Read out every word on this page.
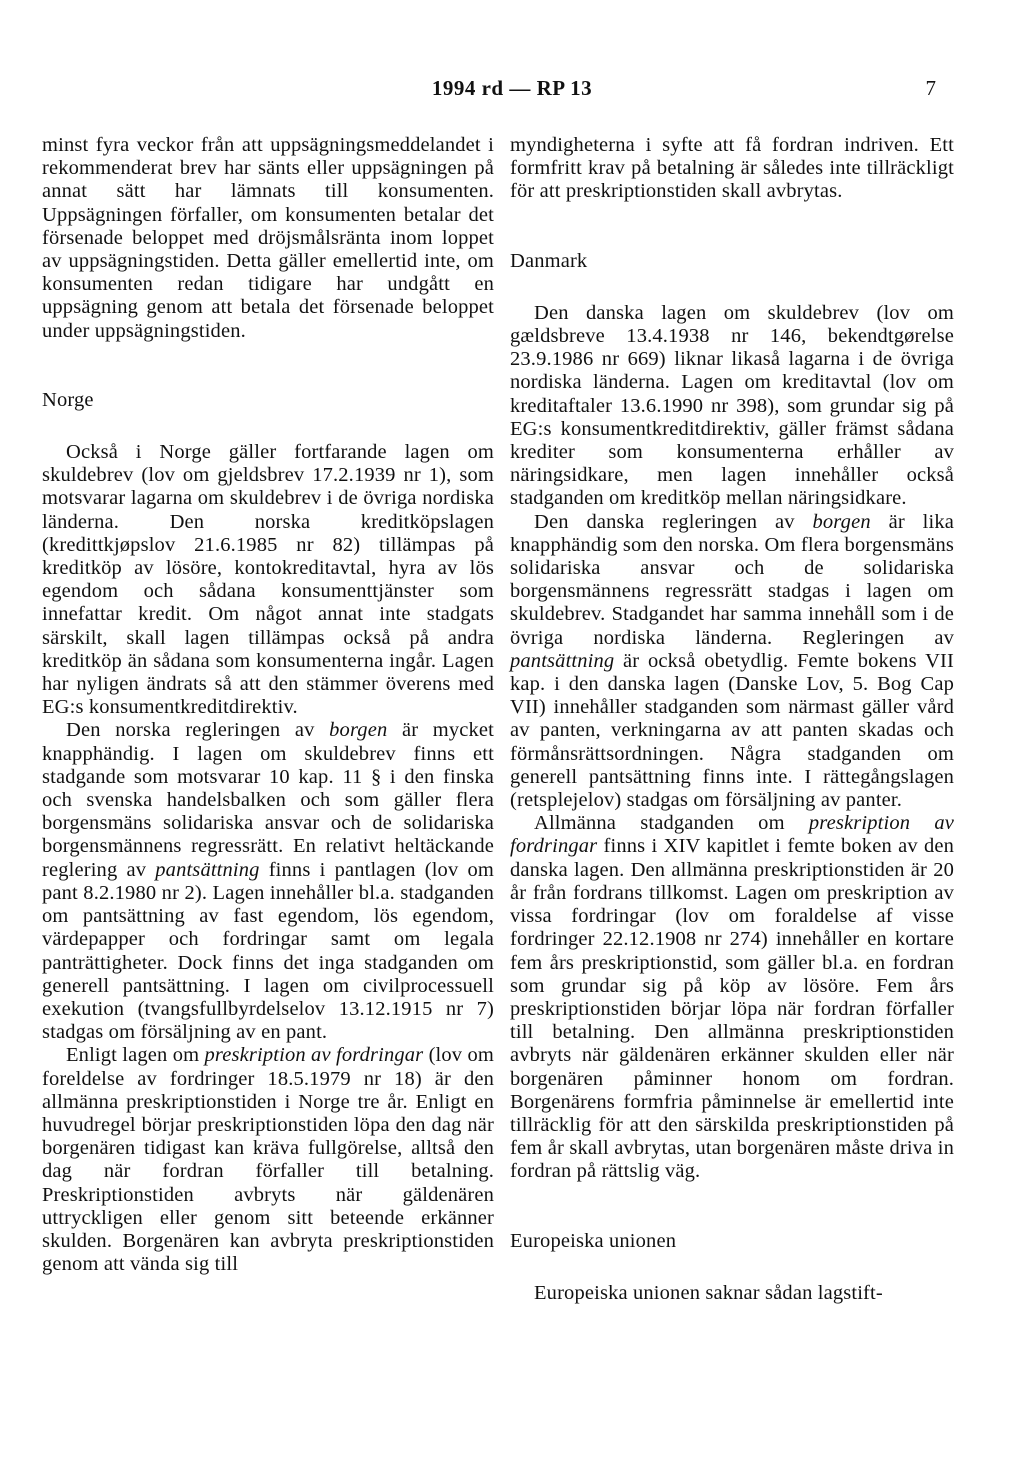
1994 rd — RP 13	7

minst fyra veckor från att uppsägningsmeddelandet i rekommenderat brev har sänts eller uppsägningen på annat sätt har lämnats till konsumenten. Uppsägningen förfaller, om konsumenten betalar det försenade beloppet med dröjsmålsränta inom loppet av uppsägningstiden. Detta gäller emellertid inte, om konsumenten redan tidigare har undgått en uppsägning genom att betala det försenade beloppet under uppsägningstiden.

Norge

Också i Norge gäller fortfarande lagen om skuldebrev (lov om gjeldsbrev 17.2.1939 nr 1), som motsvarar lagarna om skuldebrev i de övriga nordiska länderna. Den norska kreditköpslagen (kredittkjøpslov 21.6.1985 nr 82) tillämpas på kreditköp av lösöre, kontokreditavtal, hyra av lös egendom och sådana konsumenttjänster som innefattar kredit. Om något annat inte stadgats särskilt, skall lagen tillämpas också på andra kreditköp än sådana som konsumenterna ingår. Lagen har nyligen ändrats så att den stämmer överens med EG:s konsumentkreditdirektiv.

Den norska regleringen av borgen är mycket knapphändig. I lagen om skuldebrev finns ett stadgande som motsvarar 10 kap. 11 § i den finska och svenska handelsbalken och som gäller flera borgensmäns solidariska ansvar och de solidariska borgensmännens regressrätt. En relativt heltäckande reglering av pantsättning finns i pantlagen (lov om pant 8.2.1980 nr 2). Lagen innehåller bl.a. stadganden om pantsättning av fast egendom, lös egendom, värdepapper och fordringar samt om legala panträttigheter. Dock finns det inga stadganden om generell pantsättning. I lagen om civilprocessuell exekution (tvangsfullbyrdelselov 13.12.1915 nr 7) stadgas om försäljning av en pant.

Enligt lagen om preskription av fordringar (lov om foreldelse av fordringer 18.5.1979 nr 18) är den allmänna preskriptionstiden i Norge tre år. Enligt en huvudregel börjar preskriptionstiden löpa den dag när borgenären tidigast kan kräva fullgörelse, alltså den dag när fordran förfaller till betalning. Preskriptionstiden avbryts när gäldenären uttryckligen eller genom sitt beteende erkänner skulden. Borgenären kan avbryta preskriptionstiden genom att vända sig till

myndigheterna i syfte att få fordran indriven. Ett formfritt krav på betalning är således inte tillräckligt för att preskriptionstiden skall avbrytas.

Danmark

Den danska lagen om skuldebrev (lov om gældsbreve 13.4.1938 nr 146, bekendtgørelse 23.9.1986 nr 669) liknar likaså lagarna i de övriga nordiska länderna. Lagen om kreditavtal (lov om kreditaftaler 13.6.1990 nr 398), som grundar sig på EG:s konsumentkreditdirektiv, gäller främst sådana krediter som konsumenterna erhåller av näringsidkare, men lagen innehåller också stadganden om kreditköp mellan näringsidkare.

Den danska regleringen av borgen är lika knapphändig som den norska. Om flera borgensmäns solidariska ansvar och de solidariska borgensmännens regressrätt stadgas i lagen om skuldebrev. Stadgandet har samma innehåll som i de övriga nordiska länderna. Regleringen av pantsättning är också obetydlig. Femte bokens VII kap. i den danska lagen (Danske Lov, 5. Bog Cap VII) innehåller stadganden som närmast gäller vård av panten, verkningarna av att panten skadas och förmånsrättsordningen. Några stadganden om generell pantsättning finns inte. I rättegångslagen (retsplejelov) stadgas om försäljning av panter.

Allmänna stadganden om preskription av fordringar finns i XIV kapitlet i femte boken av den danska lagen. Den allmänna preskriptionstiden är 20 år från fordrans tillkomst. Lagen om preskription av vissa fordringar (lov om foraldelse af visse fordringer 22.12.1908 nr 274) innehåller en kortare fem års preskriptionstid, som gäller bl.a. en fordran som grundar sig på köp av lösöre. Fem års preskriptionstiden börjar löpa när fordran förfaller till betalning. Den allmänna preskriptionstiden avbryts när gäldenären erkänner skulden eller när borgenären påminner honom om fordran. Borgenärens formfria påminnelse är emellertid inte tillräcklig för att den särskilda preskriptionstiden på fem år skall avbrytas, utan borgenären måste driva in fordran på rättslig väg.

Europeiska unionen

Europeiska unionen saknar sådan lagstift-
